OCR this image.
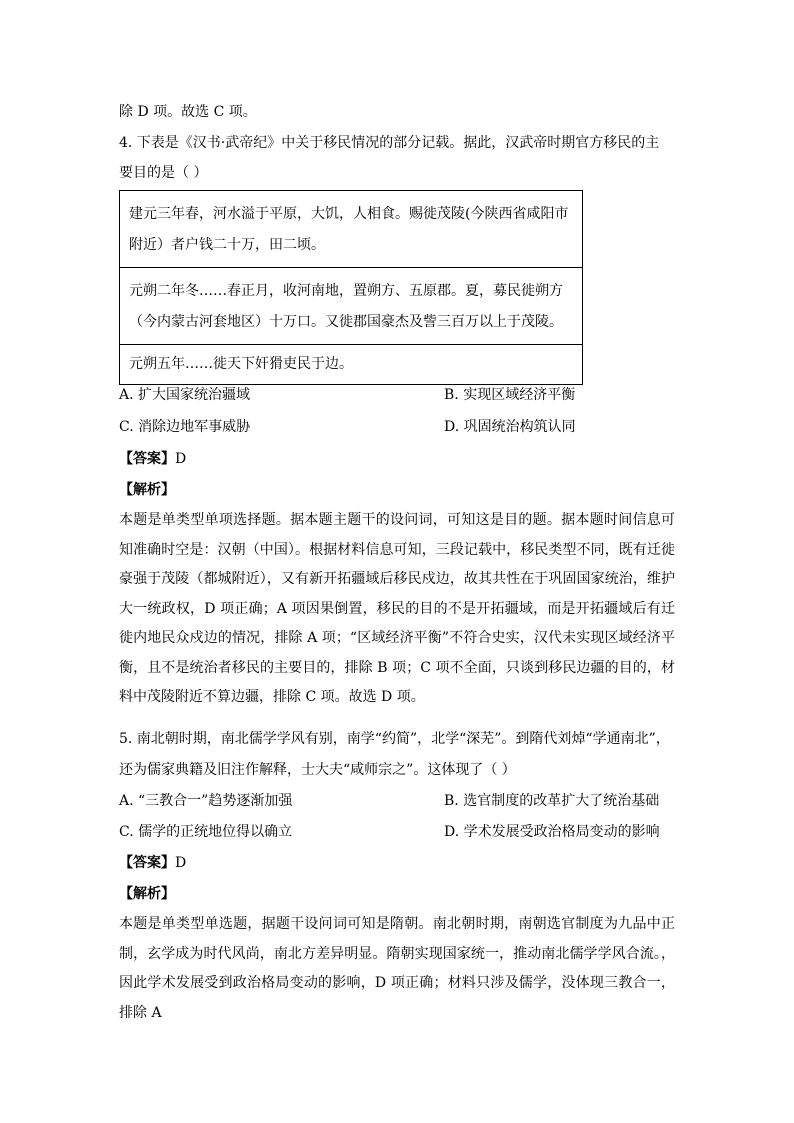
除 D 项。故选 C 项。
4. 下表是《汉书·武帝纪》中关于移民情况的部分记载。据此，汉武帝时期官方移民的主
要目的是（ ）
建元三年春，河水溢于平原，大饥，人相食。赐徙茂陵(今陕西省咸阳市附近）者户钱二十万，田二顷。
元朔二年冬……春正月，收河南地，置朔方、五原郡。夏，募民徙朔方（今内蒙古河套地区）十万口。又徙郡国豪杰及訾三百万以上于茂陵。
元朔五年……徙天下奸猾吏民于边。
A. 扩大国家统治疆域	B. 实现区域经济平衡
C. 消除边地军事威胁	D. 巩固统治构筑认同
【答案】D
【解析】
本题是单类型单项选择题。据本题主题干的设问词，可知这是目的题。据本题时间信息可知准确时空是：汉朝（中国）。根据材料信息可知，三段记载中，移民类型不同，既有迁徙豪强于茂陵（都城附近），又有新开拓疆域后移民戍边，故其共性在于巩固国家统治，维护大一统政权，D 项正确；A 项因果倒置，移民的目的不是开拓疆域，而是开拓疆域后有迁徙内地民众戍边的情况，排除 A 项；“区域经济平衡”不符合史实，汉代未实现区域经济平衡，且不是统治者移民的主要目的，排除 B 项；C 项不全面，只谈到移民边疆的目的，材料中茂陵附近不算边疆，排除 C 项。故选 D 项。
5. 南北朝时期，南北儒学学风有别，南学“约简”，北学“深芜”。到隋代刘焯“学通南北”，
还为儒家典籍及旧注作解释，士大夫“咸师宗之”。这体现了（ ）
A. “三教合一”趋势逐渐加强	B. 选官制度的改革扩大了统治基础
C. 儒学的正统地位得以确立	D. 学术发展受政治格局变动的影响
【答案】D
【解析】
本题是单类型单选题，据题干设问词可知是隋朝。南北朝时期，南朝选官制度为九品中正制，玄学成为时代风尚，南北方差异明显。隋朝实现国家统一，推动南北儒学学风合流。，因此学术发展受到政治格局变动的影响，D 项正确；材料只涉及儒学，没体现三教合一，排除 A
